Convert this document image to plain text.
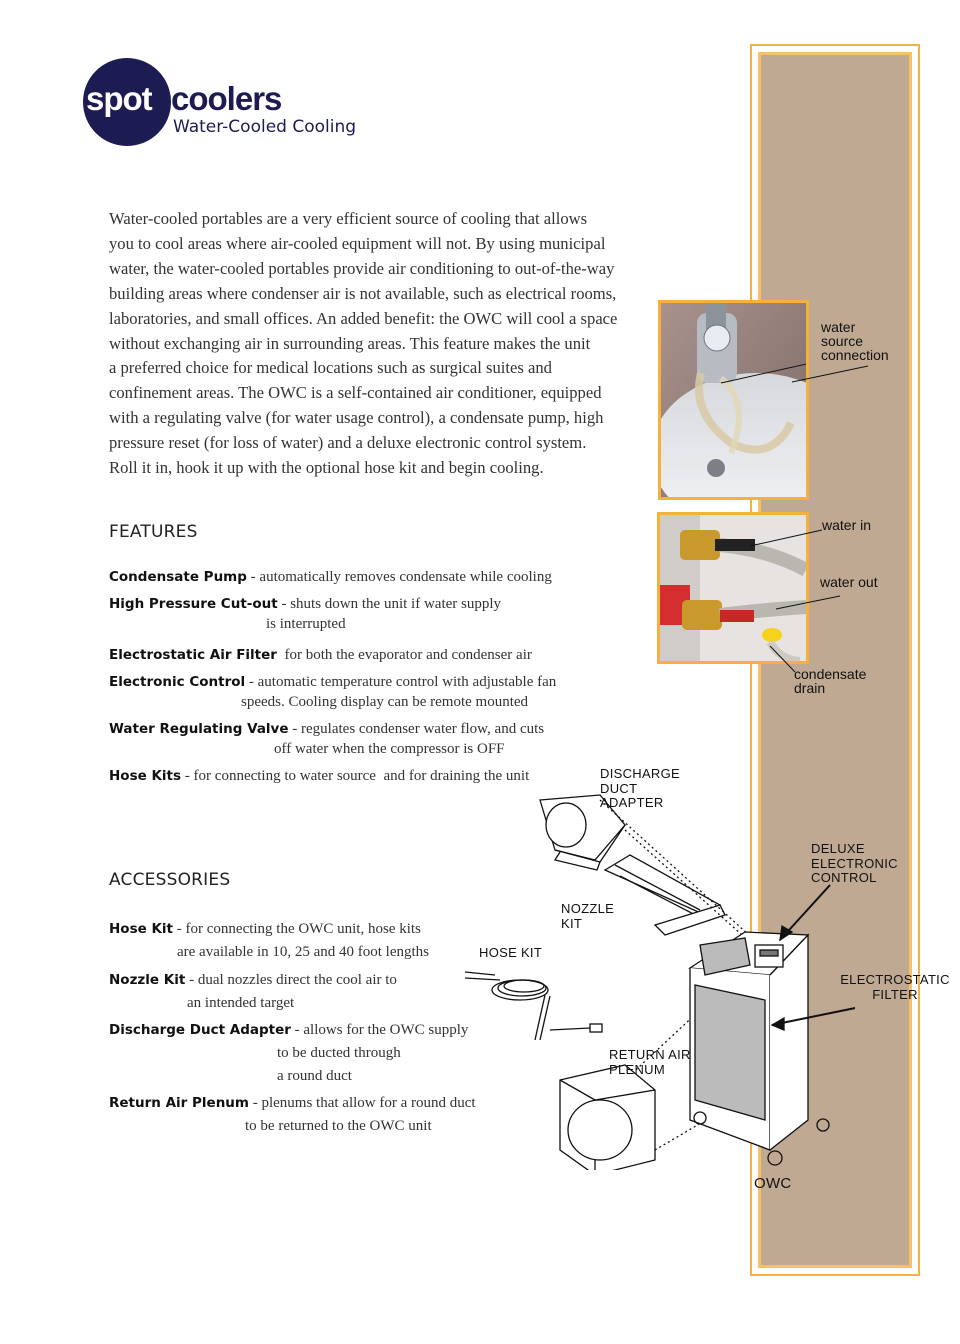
spot coolers
Water-Cooled Cooling
Water-cooled portables are a very efficient source of cooling that allows
you to cool areas where air-cooled equipment will not. By using municipal
water, the water-cooled portables provide air conditioning to out-of-the-way
building areas where condenser air is not available, such as electrical rooms,
laboratories, and small offices. An added benefit: the OWC will cool a space
without exchanging air in surrounding areas. This feature makes the unit
a preferred choice for medical locations such as surgical suites and
confinement areas. The OWC is a self-contained air conditioner, equipped
with a regulating valve (for water usage control), a condensate pump, high
pressure reset (for loss of water) and a deluxe electronic control system.
Roll it in, hook it up with the optional hose kit and begin cooling.
FEATURES
Condensate Pump - automatically removes condensate while cooling
High Pressure Cut-out - shuts down the unit if water supply
is interrupted
Electrostatic Air Filter  for both the evaporator and condenser air
Electronic Control - automatic temperature control with adjustable fan
speeds. Cooling display can be remote mounted
Water Regulating Valve - regulates condenser water flow, and cuts
off water when the compressor is OFF
Hose Kits - for connecting to water source  and for draining the unit
ACCESSORIES
Hose Kit - for connecting the OWC unit, hose kits
are available in 10, 25 and 40 foot lengths
Nozzle Kit - dual nozzles direct the cool air to
an intended target
Discharge Duct Adapter - allows for the OWC supply
to be ducted through
a round duct
Return Air Plenum - plenums that allow for a round duct
to be returned to the OWC unit
water
source
connection
water in
water out
condensate
drain
DISCHARGE
DUCT
ADAPTER
NOZZLE
KIT
HOSE KIT
DELUXE
ELECTRONIC
CONTROL
ELECTROSTATIC
FILTER
RETURN AIR
PLENUM
OWC
